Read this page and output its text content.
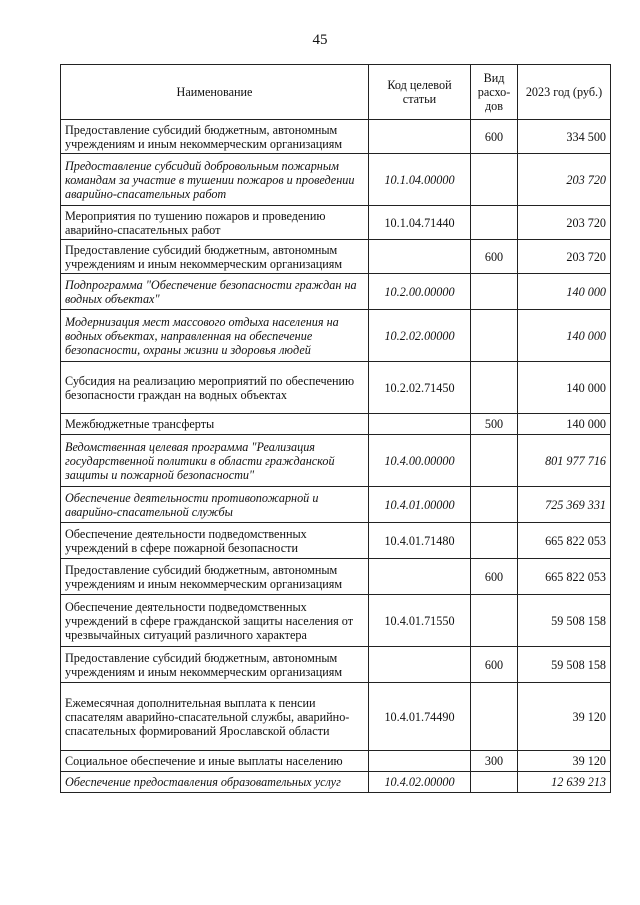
45
Наименование	Код целевой статьи	Вид расхо-дов	2023 год (руб.)
Предоставление субсидий бюджетным, автономным учреждениям и иным некоммерческим организациям		600	334 500
Предоставление субсидий добровольным пожарным командам за участие в тушении пожаров и проведении аварийно-спасательных работ	10.1.04.00000		203 720
Мероприятия по тушению пожаров и проведению аварийно-спасательных работ	10.1.04.71440		203 720
Предоставление субсидий бюджетным, автономным учреждениям и иным некоммерческим организациям		600	203 720
Подпрограмма "Обеспечение безопасности граждан на водных объектах"	10.2.00.00000		140 000
Модернизация мест массового отдыха населения на водных объектах, направленная на обеспечение безопасности, охраны жизни и здоровья людей	10.2.02.00000		140 000
Субсидия на реализацию мероприятий по обеспечению безопасности граждан на водных объектах	10.2.02.71450		140 000
Межбюджетные трансферты		500	140 000
Ведомственная целевая программа "Реализация государственной политики в области гражданской защиты и пожарной безопасности"	10.4.00.00000		801 977 716
Обеспечение деятельности противопожарной и аварийно-спасательной службы	10.4.01.00000		725 369 331
Обеспечение деятельности подведомственных учреждений в сфере пожарной безопасности	10.4.01.71480		665 822 053
Предоставление субсидий бюджетным, автономным учреждениям и иным некоммерческим организациям		600	665 822 053
Обеспечение деятельности подведомственных учреждений в сфере гражданской защиты населения от чрезвычайных ситуаций различного характера	10.4.01.71550		59 508 158
Предоставление субсидий бюджетным, автономным учреждениям и иным некоммерческим организациям		600	59 508 158
Ежемесячная дополнительная выплата к пенсии спасателям аварийно-спасательной службы, аварийно-спасательных формирований Ярославской области	10.4.01.74490		39 120
Социальное обеспечение и иные выплаты населению		300	39 120
Обеспечение предоставления образовательных услуг	10.4.02.00000		12 639 213
